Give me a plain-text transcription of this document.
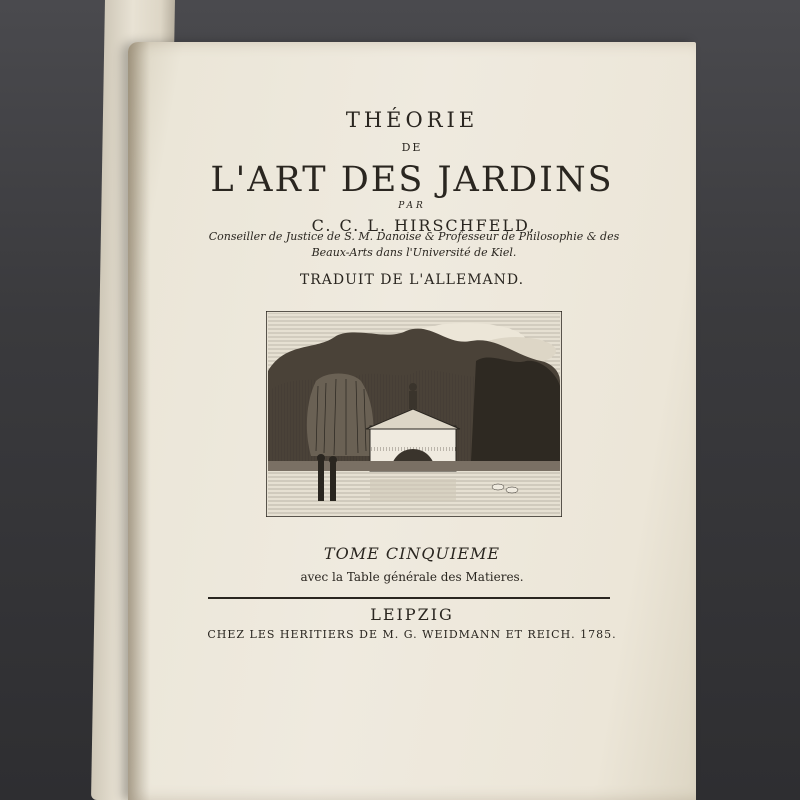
THÉORIE
DE
L'ART DES JARDINS
PAR
C. C. L. HIRSCHFELD,
Conseiller de Justice de S. M. Danoise & Professeur de Philosophie & des
Beaux-Arts dans l'Université de Kiel.
TRADUIT DE L'ALLEMAND.
TOME CINQUIEME
avec la Table générale des Matieres.
LEIPZIG
CHEZ LES HERITIERS DE M. G. WEIDMANN ET REICH. 1785.
